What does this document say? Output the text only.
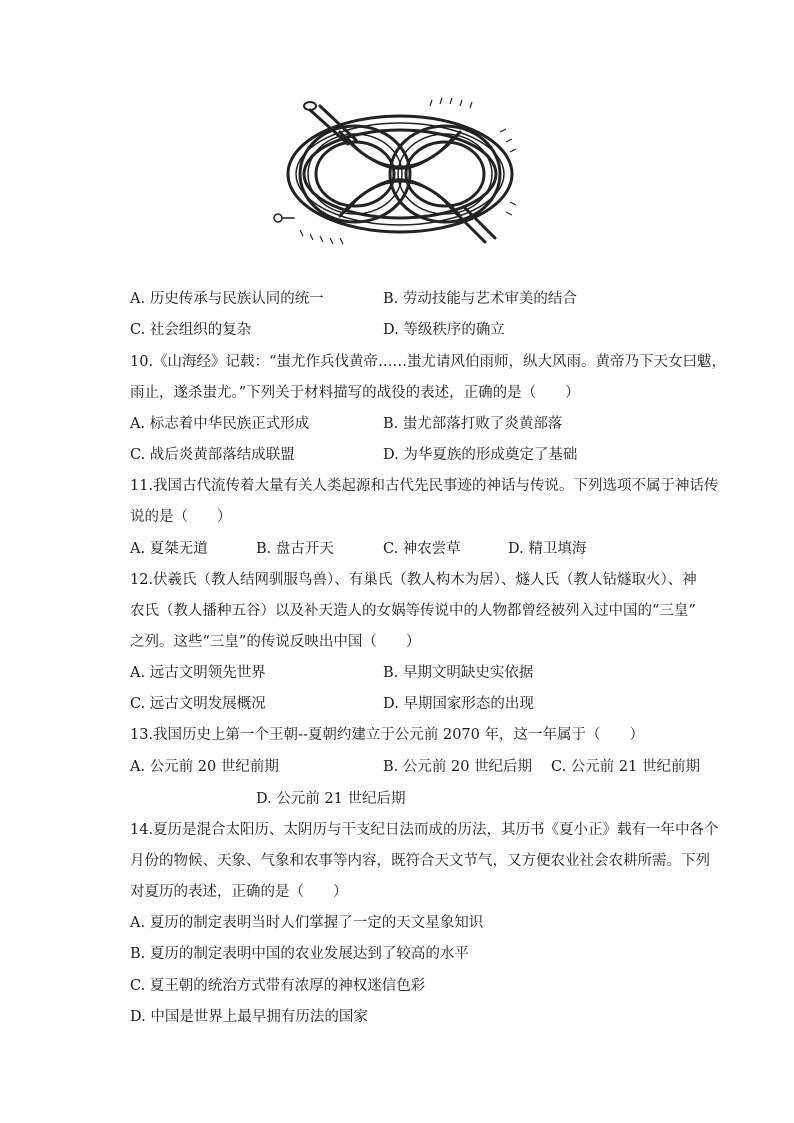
A. 历史传承与民族认同的统一	B. 劳动技能与艺术审美的结合
C. 社会组织的复杂	D. 等级秩序的确立
10.《山海经》记载：“蚩尤作兵伐黄帝……蚩尤请风伯雨师，纵大风雨。黄帝乃下天女曰魃，
雨止，遂杀蚩尤。”下列关于材料描写的战役的表述，正确的是（　　）
A. 标志着中华民族正式形成	B. 蚩尤部落打败了炎黄部落
C. 战后炎黄部落结成联盟	D. 为华夏族的形成奠定了基础
11.我国古代流传着大量有关人类起源和古代先民事迹的神话与传说。下列选项不属于神话传
说的是（　　）
A. 夏桀无道	B. 盘古开天	C. 神农尝草	D. 精卫填海
12.伏羲氏（教人结网驯服鸟兽）、有巢氏（教人构木为居）、燧人氏（教人钻燧取火）、神
农氏（教人播种五谷）以及补天造人的女娲等传说中的人物都曾经被列入过中国的“三皇”
之列。这些“三皇”的传说反映出中国（　　）
A. 远古文明领先世界	B. 早期文明缺史实依据
C. 远古文明发展概况	D. 早期国家形态的出现
13.我国历史上第一个王朝--夏朝约建立于公元前 2070 年，这一年属于（　　）
A. 公元前 20 世纪前期	B. 公元前 20 世纪后期 C. 公元前 21 世纪前期
D. 公元前 21 世纪后期
14.夏历是混合太阳历、太阴历与干支纪日法而成的历法，其历书《夏小正》载有一年中各个
月份的物候、天象、气象和农事等内容，既符合天文节气，又方便农业社会农耕所需。下列
对夏历的表述，正确的是（　　）
A. 夏历的制定表明当时人们掌握了一定的天文星象知识
B. 夏历的制定表明中国的农业发展达到了较高的水平
C. 夏王朝的统治方式带有浓厚的神权迷信色彩
D. 中国是世界上最早拥有历法的国家
